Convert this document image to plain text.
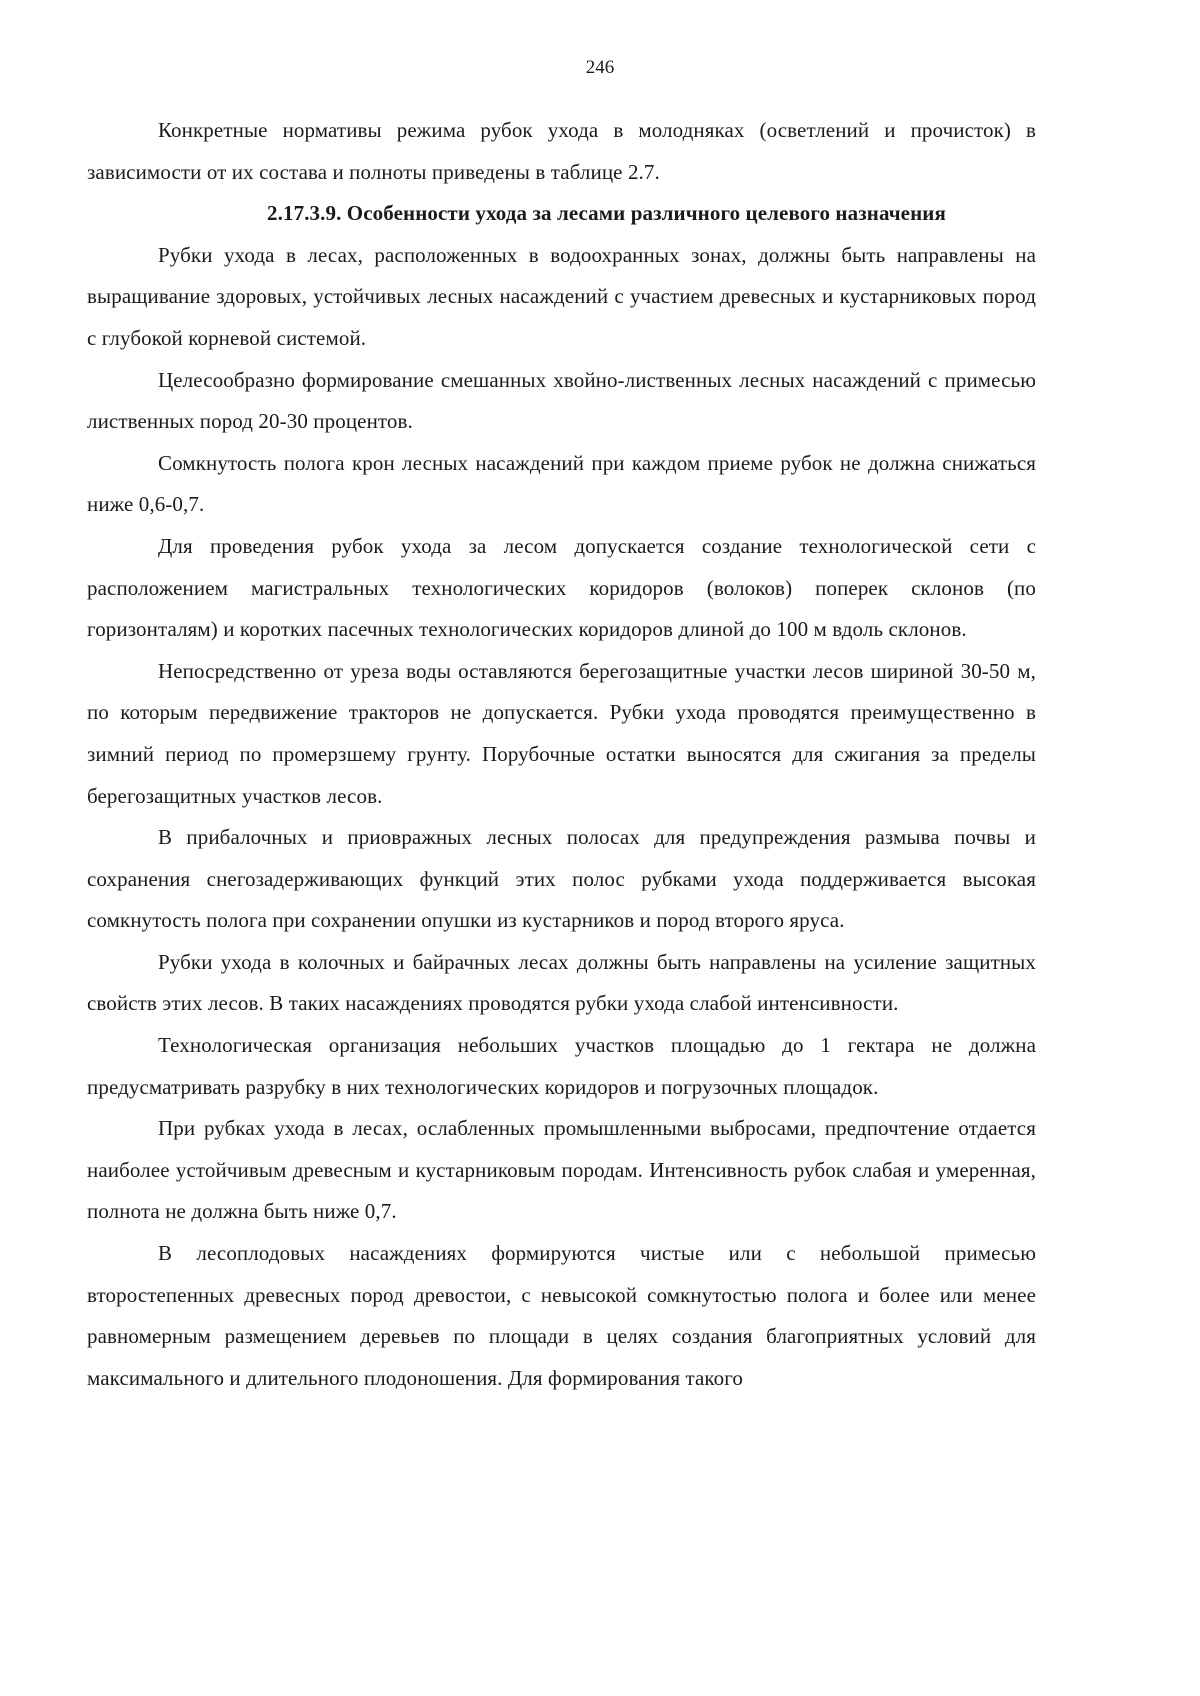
246

Конкретные нормативы режима рубок ухода в молодняках (осветлений и прочисток) в зависимости от их состава и полноты приведены в таблице 2.7.

2.17.3.9. Особенности ухода за лесами различного целевого назначения

Рубки ухода в лесах, расположенных в водоохранных зонах, должны быть направлены на выращивание здоровых, устойчивых лесных насаждений с участием древесных и кустарниковых пород с глубокой корневой системой.

Целесообразно формирование смешанных хвойно-лиственных лесных насаждений с примесью лиственных пород 20-30 процентов.

Сомкнутость полога крон лесных насаждений при каждом приеме рубок не должна снижаться ниже 0,6-0,7.

Для проведения рубок ухода за лесом допускается создание технологической сети с расположением магистральных технологических коридоров (волоков) поперек склонов (по горизонталям) и коротких пасечных технологических коридоров длиной до 100 м вдоль склонов.

Непосредственно от уреза воды оставляются берегозащитные участки лесов шириной 30-50 м, по которым передвижение тракторов не допускается. Рубки ухода проводятся преимущественно в зимний период по промерзшему грунту. Порубочные остатки выносятся для сжигания за пределы берегозащитных участков лесов.

В прибалочных и приовражных лесных полосах для предупреждения размыва почвы и сохранения снегозадерживающих функций этих полос рубками ухода поддерживается высокая сомкнутость полога при сохранении опушки из кустарников и пород второго яруса.

Рубки ухода в колочных и байрачных лесах должны быть направлены на усиление защитных свойств этих лесов. В таких насаждениях проводятся рубки ухода слабой интенсивности.

Технологическая организация небольших участков площадью до 1 гектара не должна предусматривать разрубку в них технологических коридоров и погрузочных площадок.

При рубках ухода в лесах, ослабленных промышленными выбросами, предпочтение отдается наиболее устойчивым древесным и кустарниковым породам. Интенсивность рубок слабая и умеренная, полнота не должна быть ниже 0,7.

В лесоплодовых насаждениях формируются чистые или с небольшой примесью второстепенных древесных пород древостои, с невысокой сомкнутостью полога и более или менее равномерным размещением деревьев по площади в целях создания благоприятных условий для максимального и длительного плодоношения. Для формирования такого
